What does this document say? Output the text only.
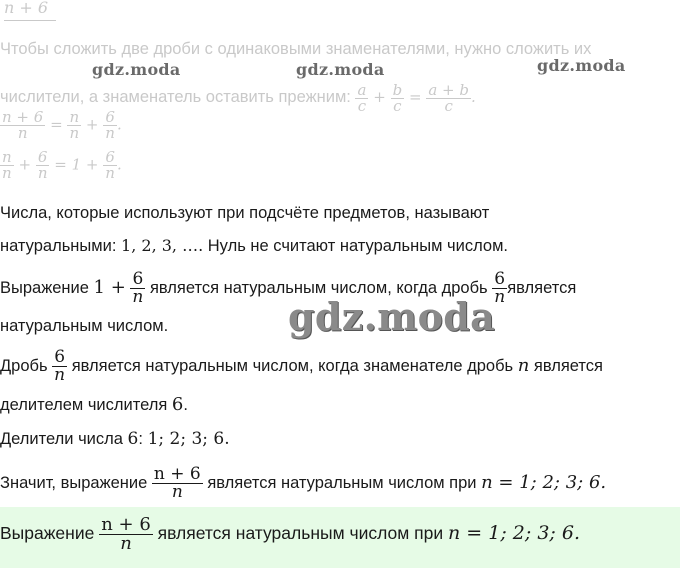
n + 6
Чтобы сложить две дроби с одинаковыми знаменателями, нужно сложить их
числители, а знаменатель оставить прежним: $\frac{a}{c} + \frac{b}{c} = \frac{a + b}{c}$ .
$\frac{n + 6}{n} = \frac{n}{n} + \frac{6}{n}$ .
$\frac{n}{n} + \frac{6}{n} = 1 + \frac{6}{n}$ .
gdz.moda	gdz.moda	gdz.moda
Числа, которые используют при подсчёте предметов, называют
натуральными: 1, 2, 3, …. Нуль не считают натуральным числом.
Выражение $1 + \frac{6}{n}$ является натуральным числом, когда дробь $\frac{6}{n}$ является
натуральным числом.	gdz.moda
Дробь $\frac{6}{n}$ является натуральным числом, когда знаменателе дробь n является
делителем числителя 6.
Делители числа 6: 1; 2; 3; 6.
Значит, выражение $\frac{n + 6}{n}$ является натуральным числом при n = 1; 2; 3; 6.
Выражение $\frac{n + 6}{n}$ является натуральным числом при n = 1; 2; 3; 6.
